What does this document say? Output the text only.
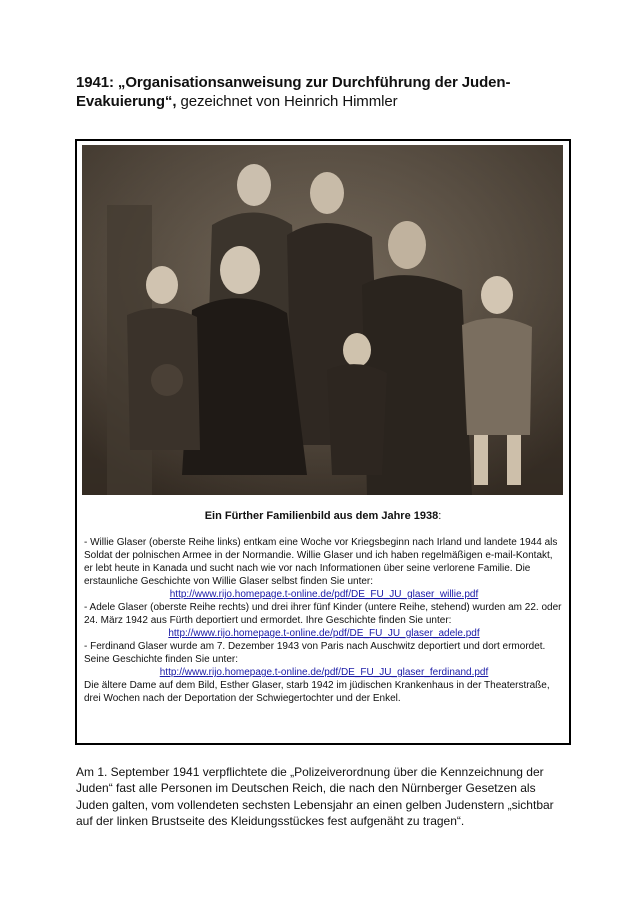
1941: „Organisationsanweisung zur Durchführung der Juden-Evakuierung“, gezeichnet von Heinrich Himmler
Ein Fürther Familienbild aus dem Jahre 1938:

- Willie Glaser (oberste Reihe links) entkam eine Woche vor Kriegsbeginn nach Irland und landete 1944 als Soldat der polnischen Armee in der Normandie. Willie Glaser und ich haben regelmäßigen e-mail-Kontakt, er lebt heute in Kanada und sucht nach wie vor nach Informationen über seine verlorene Familie. Die erstaunliche Geschichte von Willie Glaser selbst finden Sie unter:

http://www.rijo.homepage.t-online.de/pdf/DE_FU_JU_glaser_willie.pdf

- Adele Glaser (oberste Reihe rechts) und drei ihrer fünf Kinder (untere Reihe, stehend) wurden am 22. oder 24. März 1942 aus Fürth deportiert und ermordet. Ihre Geschichte finden Sie unter:

http://www.rijo.homepage.t-online.de/pdf/DE_FU_JU_glaser_adele.pdf

- Ferdinand Glaser wurde am 7. Dezember 1943 von Paris nach Auschwitz deportiert und dort ermordet. Seine Geschichte finden Sie unter:

http://www.rijo.homepage.t-online.de/pdf/DE_FU_JU_glaser_ferdinand.pdf

Die ältere Dame auf dem Bild, Esther Glaser, starb 1942 im jüdischen Krankenhaus in der Theaterstraße, drei Wochen nach der Deportation der Schwiegertochter und der Enkel.

Am 1. September 1941 verpflichtete die „Polizeiverordnung über die Kennzeichnung der Juden“ fast alle Personen im Deutschen Reich, die nach den Nürnberger Gesetzen als Juden galten, vom vollendeten sechsten Lebensjahr an einen gelben Judenstern „sichtbar auf der linken Brustseite des Kleidungsstückes fest aufgenäht zu tragen“.
